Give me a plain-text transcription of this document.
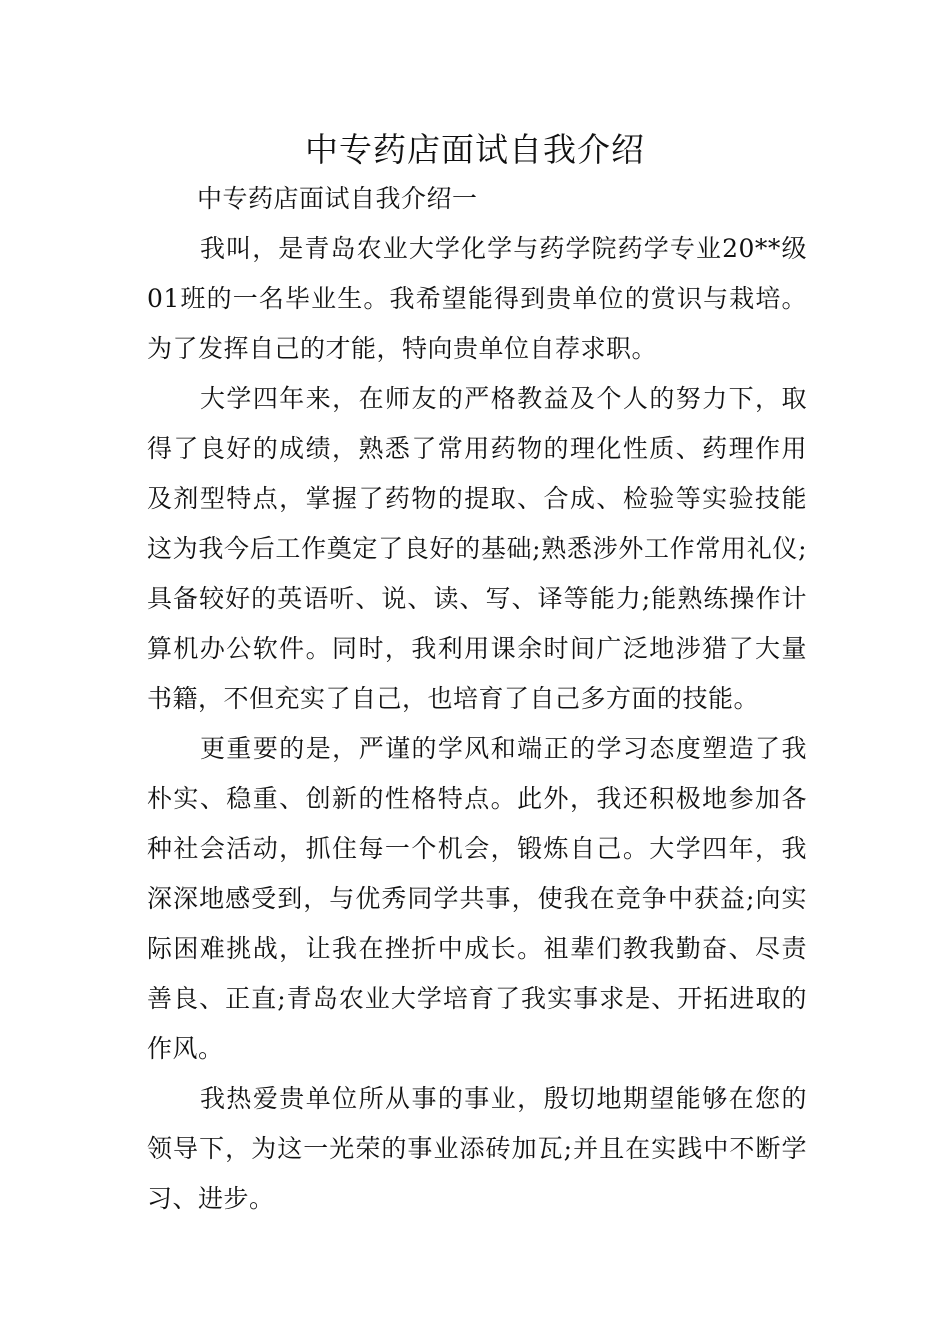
中专药店面试自我介绍

中专药店面试自我介绍一

我叫，是青岛农业大学化学与药学院药学专业20**级01班的一名毕业生。我希望能得到贵单位的赏识与栽培。为了发挥自己的才能，特向贵单位自荐求职。

大学四年来，在师友的严格教益及个人的努力下，取得了良好的成绩，熟悉了常用药物的理化性质、药理作用及剂型特点，掌握了药物的提取、合成、检验等实验技能这为我今后工作奠定了良好的基础;熟悉涉外工作常用礼仪;具备较好的英语听、说、读、写、译等能力;能熟练操作计算机办公软件。同时，我利用课余时间广泛地涉猎了大量书籍，不但充实了自己，也培育了自己多方面的技能。

更重要的是，严谨的学风和端正的学习态度塑造了我朴实、稳重、创新的性格特点。此外，我还积极地参加各种社会活动，抓住每一个机会，锻炼自己。大学四年，我深深地感受到，与优秀同学共事，使我在竞争中获益;向实际困难挑战，让我在挫折中成长。祖辈们教我勤奋、尽责善良、正直;青岛农业大学培育了我实事求是、开拓进取的作风。

我热爱贵单位所从事的事业，殷切地期望能够在您的领导下，为这一光荣的事业添砖加瓦;并且在实践中不断学习、进步。
